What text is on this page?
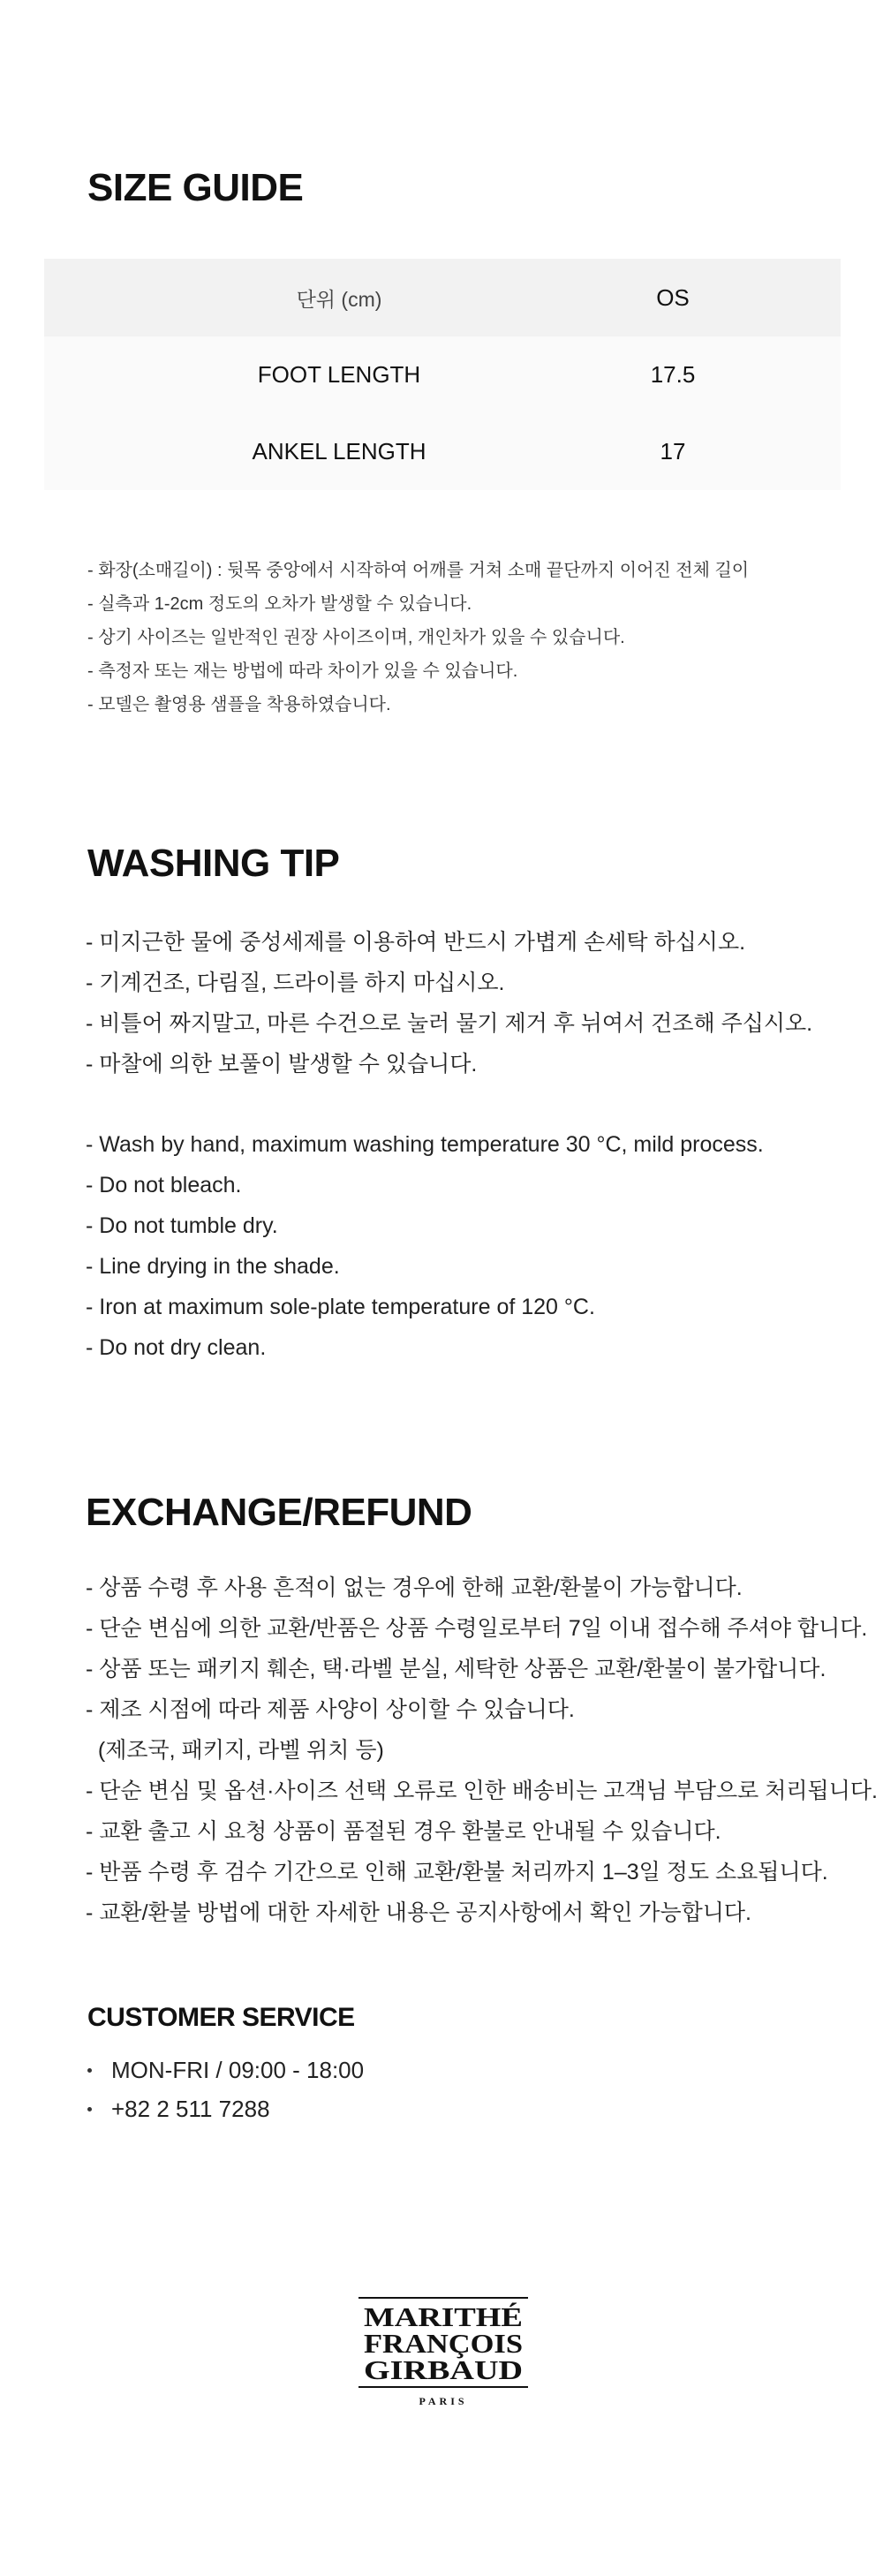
SIZE GUIDE
단위 (cm)	OS
FOOT LENGTH	17.5
ANKEL LENGTH	17
- 화장(소매길이) : 뒷목 중앙에서 시작하여 어깨를 거쳐 소매 끝단까지 이어진 전체 길이
- 실측과 1-2cm 정도의 오차가 발생할 수 있습니다.
- 상기 사이즈는 일반적인 권장 사이즈이며, 개인차가 있을 수 있습니다.
- 측정자 또는 재는 방법에 따라 차이가 있을 수 있습니다.
- 모델은 촬영용 샘플을 착용하였습니다.
WASHING TIP
- 미지근한 물에 중성세제를 이용하여 반드시 가볍게 손세탁 하십시오.
- 기계건조, 다림질, 드라이를 하지 마십시오.
- 비틀어 짜지말고, 마른 수건으로 눌러 물기 제거 후 뉘여서 건조해 주십시오.
- 마찰에 의한 보풀이 발생할 수 있습니다.
- Wash by hand, maximum washing temperature 30 °C, mild process.
- Do not bleach.
- Do not tumble dry.
- Line drying in the shade.
- Iron at maximum sole-plate temperature of 120 °C.
- Do not dry clean.
EXCHANGE/REFUND
- 상품 수령 후 사용 흔적이 없는 경우에 한해 교환/환불이 가능합니다.
- 단순 변심에 의한 교환/반품은 상품 수령일로부터 7일 이내 접수해 주셔야 합니다.
- 상품 또는 패키지 훼손, 택·라벨 분실, 세탁한 상품은 교환/환불이 불가합니다.
- 제조 시점에 따라 제품 사양이 상이할 수 있습니다.
(제조국, 패키지, 라벨 위치 등)
- 단순 변심 및 옵션·사이즈 선택 오류로 인한 배송비는 고객님 부담으로 처리됩니다.
- 교환 출고 시 요청 상품이 품절된 경우 환불로 안내될 수 있습니다.
- 반품 수령 후 검수 기간으로 인해 교환/환불 처리까지 1–3일 정도 소요됩니다.
- 교환/환불 방법에 대한 자세한 내용은 공지사항에서 확인 가능합니다.
CUSTOMER SERVICE
MON-FRI / 09:00 - 18:00
+82 2 511 7288
MARITHÉ
FRANÇOIS
GIRBAUD
PARIS
